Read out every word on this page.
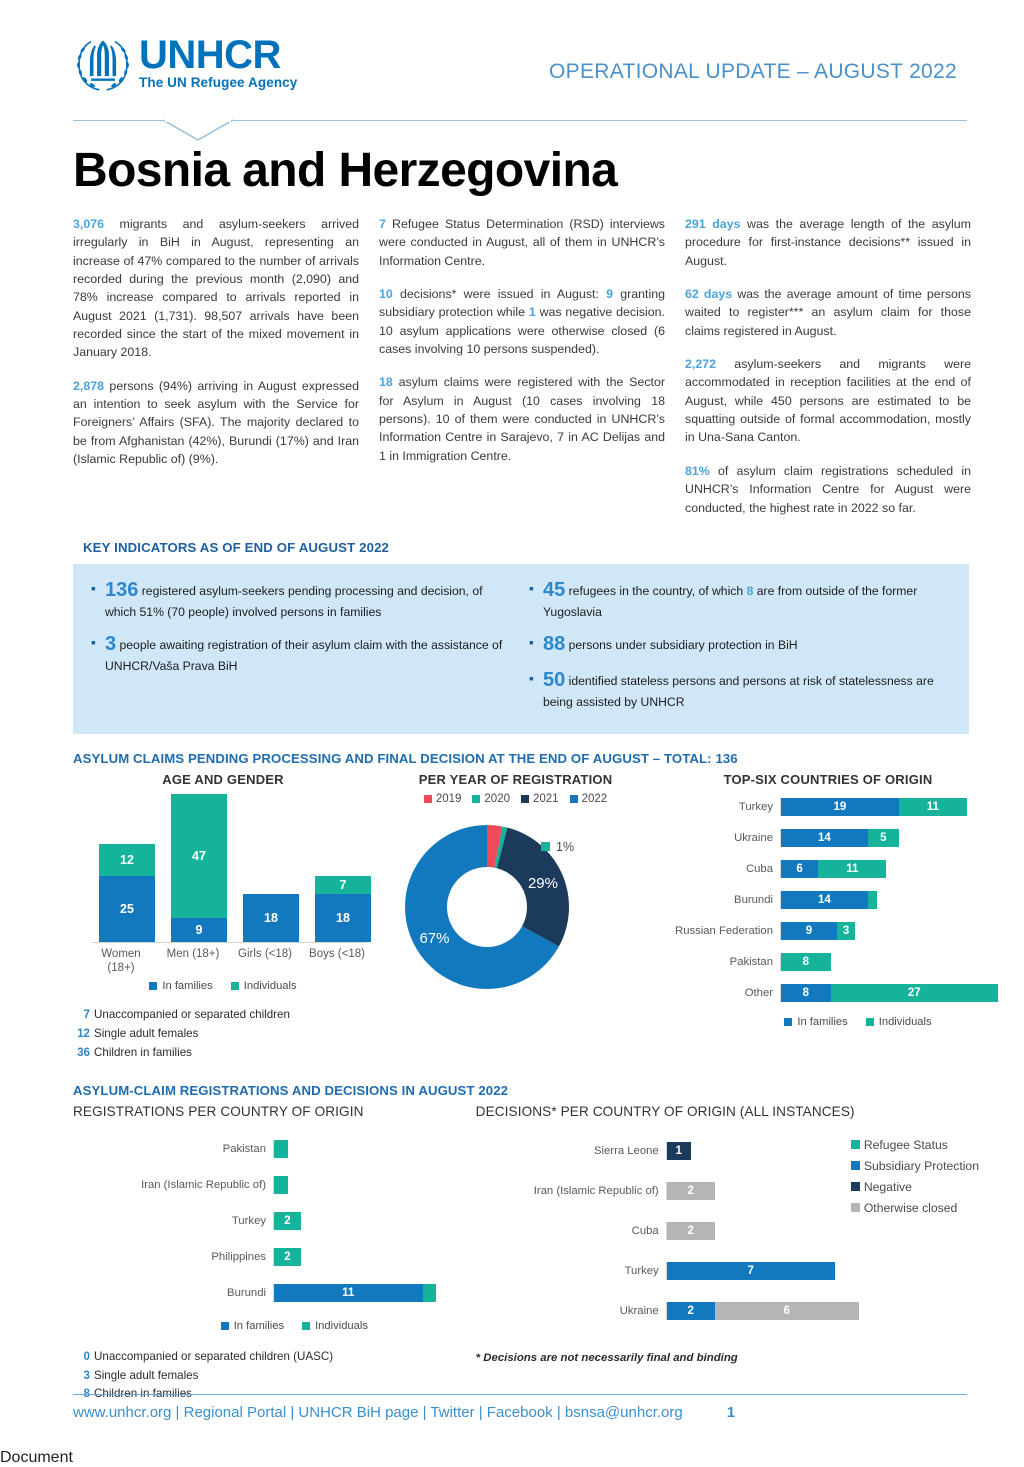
UNHCR
The UN Refugee Agency	OPERATIONAL UPDATE – AUGUST 2022
Bosnia and Herzegovina

3,076 migrants and asylum-seekers arrived irregularly in BiH in August, representing an increase of 47% compared to the number of arrivals recorded during the previous month (2,090) and 78% increase compared to arrivals reported in August 2021 (1,731). 98,507 arrivals have been recorded since the start of the mixed movement in January 2018.

2,878 persons (94%) arriving in August expressed an intention to seek asylum with the Service for Foreigners’ Affairs (SFA). The majority declared to be from Afghanistan (42%), Burundi (17%) and Iran (Islamic Republic of) (9%).

7 Refugee Status Determination (RSD) interviews were conducted in August, all of them in UNHCR’s Information Centre.

10 decisions* were issued in August: 9 granting subsidiary protection while 1 was negative decision. 10 asylum applications were otherwise closed (6 cases involving 10 persons suspended).

18 asylum claims were registered with the Sector for Asylum in August (10 cases involving 18 persons). 10 of them were conducted in UNHCR’s Information Centre in Sarajevo, 7 in AC Delijas and 1 in Immigration Centre.

291 days was the average length of the asylum procedure for first-instance decisions** issued in August.

62 days was the average amount of time persons waited to register*** an asylum claim for those claims registered in August.

2,272 asylum-seekers and migrants were accommodated in reception facilities at the end of August, while 450 persons are estimated to be squatting outside of formal accommodation, mostly in Una-Sana Canton.

81% of asylum claim registrations scheduled in UNHCR’s Information Centre for August were conducted, the highest rate in 2022 so far.

KEY INDICATORS AS OF END OF AUGUST 2022
▪ 136 registered asylum-seekers pending processing and decision, of which 51% (70 people) involved persons in families
▪ 3 people awaiting registration of their asylum claim with the assistance of UNHCR/Vaša Prava BiH
▪ 45 refugees in the country, of which 8 are from outside of the former Yugoslavia
▪ 88 persons under subsidiary protection in BiH
▪ 50 identified stateless persons and persons at risk of statelessness are being assisted by UNHCR
ASYLUM CLAIMS PENDING PROCESSING AND FINAL DECISION AT THE END OF AUGUST – TOTAL: 136
AGE AND GENDER
12
25
47
9
18
7
18
Women
(18+)
Men (18+)	Girls (<18)	Boys (<18)
In families	Individuals
7 Unaccompanied or separated children
12 Single adult females
36 Children in families
PER YEAR OF REGISTRATION
2019 2020 2021 2022
29%
67%
1%
TOP-SIX COUNTRIES OF ORIGIN
Turkey	19	11
Ukraine	14	5
Cuba	6	11
Burundi	14
Russian Federation	9	3
Pakistan	8
Other	8	27
In families	Individuals
ASYLUM-CLAIM REGISTRATIONS AND DECISIONS IN AUGUST 2022
REGISTRATIONS PER COUNTRY OF ORIGIN
Pakistan
Iran (Islamic Republic of)
Turkey	2
Philippines	2
Burundi	11
In families	Individuals
0 Unaccompanied or separated children (UASC)
3 Single adult females
8 Children in families
DECISIONS* PER COUNTRY OF ORIGIN (ALL INSTANCES)
Sierra Leone	1
Iran (Islamic Republic of)	2
Cuba	2
Turkey	7
Ukraine	2	6
Refugee Status
Subsidiary Protection
Negative
Otherwise closed
* Decisions are not necessarily final and binding
www.unhcr.org | Regional Portal | UNHCR BiH page | Twitter | Facebook | bsnsa@unhcr.org	1
Document
